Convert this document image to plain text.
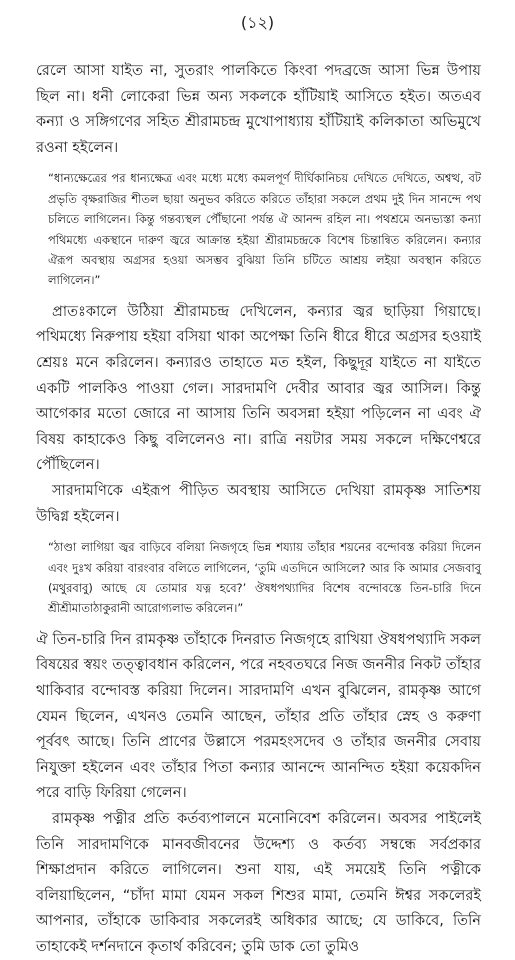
(১২)

রেলে আসা যাইত না, সুতরাং পালকিতে কিংবা পদব্রজে আসা ভিন্ন উপায় ছিল না। ধনী লোকেরা ভিন্ন অন্য সকলকে হাঁটিয়াই আসিতে হইত। অতএব কন্যা ও সঙ্গিগণের সহিত শ্রীরামচন্দ্র মুখোপাধ্যায় হাঁটিয়াই কলিকাতা অভিমুখে রওনা হইলেন।

“ধান্যক্ষেত্রের পর ধান্যক্ষেত্র এবং মধ্যে মধ্যে কমলপূর্ণ দীর্ঘিকানিচয় দেখিতে দেখিতে, অশ্বত্থ, বট প্রভৃতি বৃক্ষরাজির শীতল ছায়া অনুভব করিতে করিতে তাঁহারা সকলে প্রথম দুই দিন সানন্দে পথ চলিতে লাগিলেন। কিন্তু গন্তব্যস্থল পৌঁছানো পর্যন্ত ঐ আনন্দ রহিল না। পথশ্রমে অনভ্যস্তা কন্যা পথিমধ্যে একস্থানে দারুণ জ্বরে আক্রান্ত হইয়া শ্রীরামচন্দ্রকে বিশেষ চিন্তান্বিত করিলেন। কন্যার ঐরূপ অবস্থায় অগ্রসর হওয়া অসম্ভব বুঝিয়া তিনি চটিতে আশ্রয় লইয়া অবস্থান করিতে লাগিলেন।”

প্রাতঃকালে উঠিয়া শ্রীরামচন্দ্র দেখিলেন, কন্যার জ্বর ছাড়িয়া গিয়াছে। পথিমধ্যে নিরুপায় হইয়া বসিয়া থাকা অপেক্ষা তিনি ধীরে ধীরে অগ্রসর হওয়াই শ্রেয়ঃ মনে করিলেন। কন্যারও তাহাতে মত হইল, কিছুদূর যাইতে না যাইতে একটি পালকিও পাওয়া গেল। সারদামণি দেবীর আবার জ্বর আসিল। কিন্তু আগেকার মতো জোরে না আসায় তিনি অবসন্না হইয়া পড়িলেন না এবং ঐ বিষয় কাহাকেও কিছু বলিলেনও না। রাত্রি নয়টার সময় সকলে দক্ষিণেশ্বরে পৌঁছিলেন।

সারদামণিকে এইরূপ পীড়িত অবস্থায় আসিতে দেখিয়া রামকৃষ্ণ সাতিশয় উদ্বিগ্ন হইলেন।

“ঠাণ্ডা লাগিয়া জ্বর বাড়িবে বলিয়া নিজগৃহে ভিন্ন শয্যায় তাঁহার শয়নের বন্দোবস্ত করিয়া দিলেন এবং দুঃখ করিয়া বারংবার বলিতে লাগিলেন, ‘তুমি এতদিনে আসিলে? আর কি আমার সেজবাবু (মথুরবাবু) আছে যে তোমার যত্ন হবে?’ ঔষধপথ্যাদির বিশেষ বন্দোবস্তে তিন-চারি দিনে শ্রীশ্রীমাতাঠাকুরানী আরোগ্যলাভ করিলেন।”

ঐ তিন-চারি দিন রামকৃষ্ণ তাঁহাকে দিনরাত নিজগৃহে রাখিয়া ঔষধপথ্যাদি সকল বিষয়ের স্বয়ং তত্ত্বাবধান করিলেন, পরে নহবতঘরে নিজ জননীর নিকট তাঁহার থাকিবার বন্দোবস্ত করিয়া দিলেন। সারদামণি এখন বুঝিলেন, রামকৃষ্ণ আগে যেমন ছিলেন, এখনও তেমনি আছেন, তাঁহার প্রতি তাঁহার স্নেহ ও করুণা পূর্ববৎ আছে। তিনি প্রাণের উল্লাসে পরমহংসদেব ও তাঁহার জননীর সেবায় নিযুক্তা হইলেন এবং তাঁহার পিতা কন্যার আনন্দে আনন্দিত হইয়া কয়েকদিন পরে বাড়ি ফিরিয়া গেলেন।

রামকৃষ্ণ পত্নীর প্রতি কর্তব্যপালনে মনোনিবেশ করিলেন। অবসর পাইলেই তিনি সারদামণিকে মানবজীবনের উদ্দেশ্য ও কর্তব্য সম্বন্ধে সর্বপ্রকার শিক্ষাপ্রদান করিতে লাগিলেন। শুনা যায়, এই সময়েই তিনি পত্নীকে বলিয়াছিলেন, “চাঁদা মামা যেমন সকল শিশুর মামা, তেমনি ঈশ্বর সকলেরই আপনার, তাঁহাকে ডাকিবার সকলেরই অধিকার আছে; যে ডাকিবে, তিনি তাহাকেই দর্শনদানে কৃতার্থ করিবেন; তুমি ডাক তো তুমিও
